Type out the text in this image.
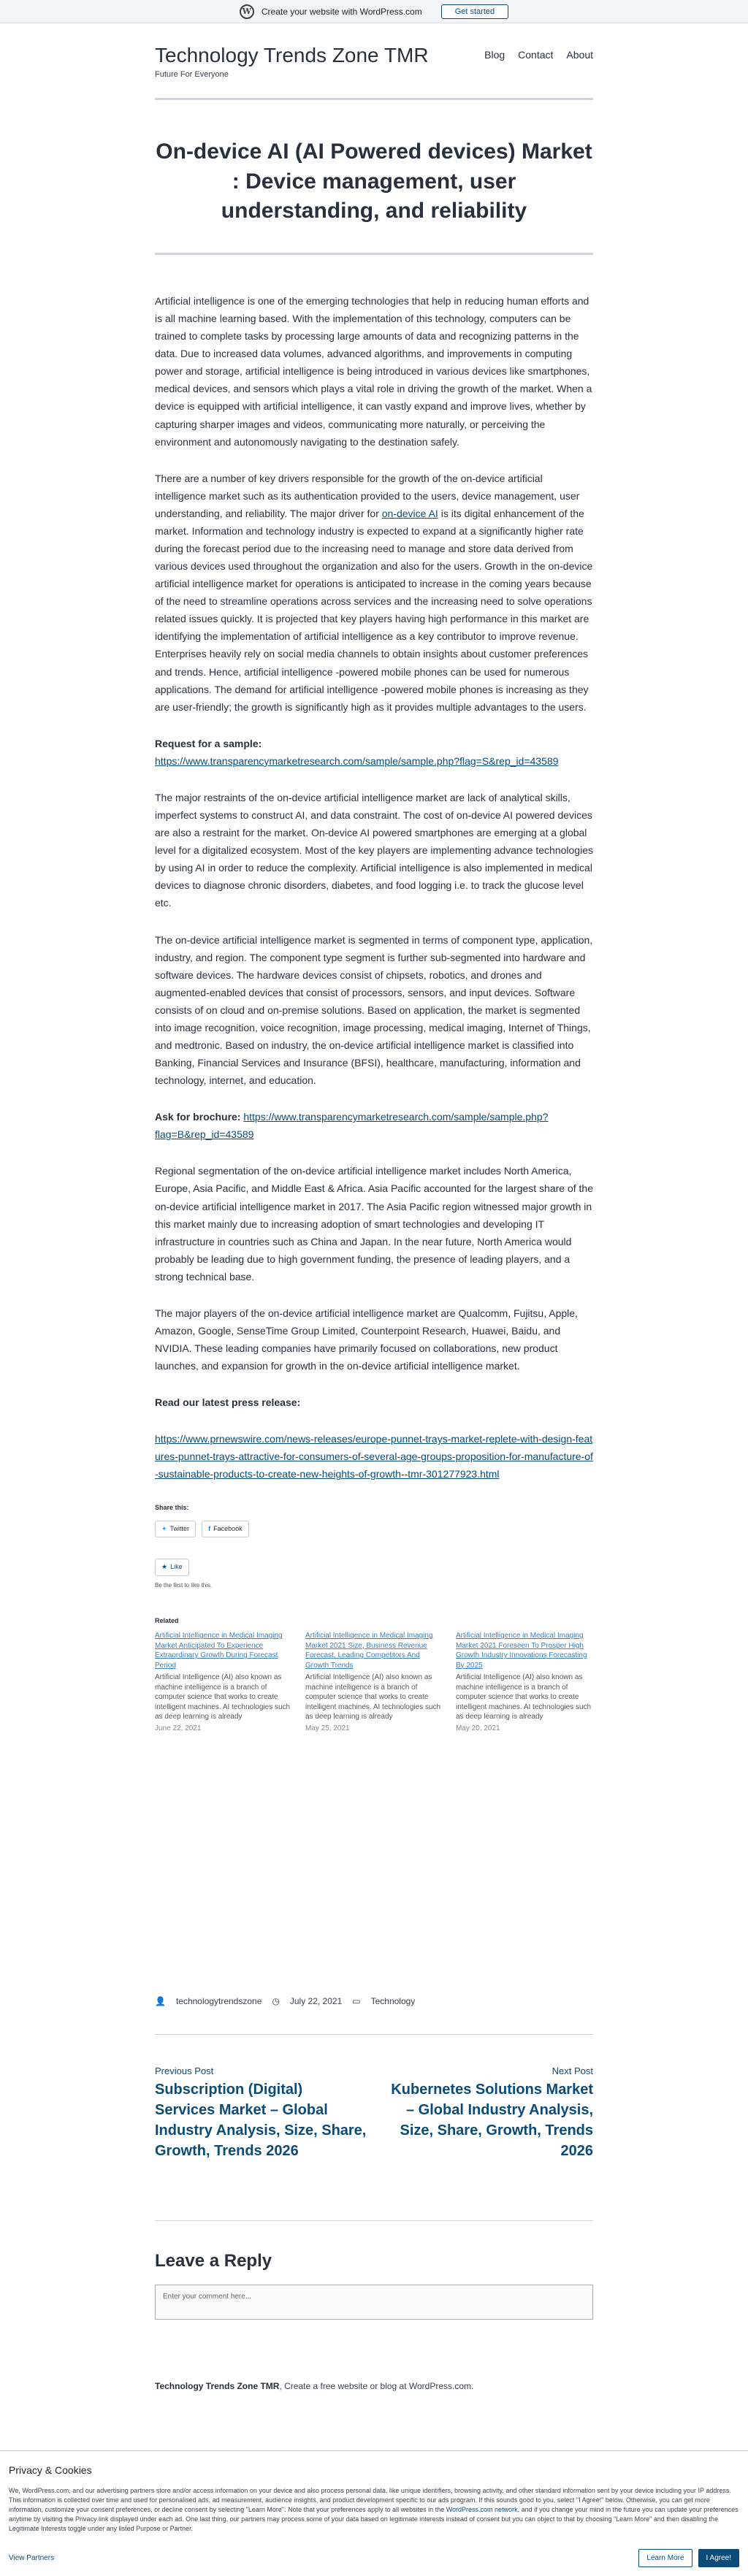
W	Create your website with WordPress.com	Get started
Technology Trends Zone TMR
Future For Everyone
Blog Contact About
On-device AI (AI Powered devices) Market : Device management, user understanding, and reliability

Artificial intelligence is one of the emerging technologies that help in reducing human efforts and is all machine learning based. With the implementation of this technology, computers can be trained to complete tasks by processing large amounts of data and recognizing patterns in the data. Due to increased data volumes, advanced algorithms, and improvements in computing power and storage, artificial intelligence is being introduced in various devices like smartphones, medical devices, and sensors which plays a vital role in driving the growth of the market. When a device is equipped with artificial intelligence, it can vastly expand and improve lives, whether by capturing sharper images and videos, communicating more naturally, or perceiving the environment and autonomously navigating to the destination safely.

There are a number of key drivers responsible for the growth of the on-device artificial intelligence market such as its authentication provided to the users, device management, user understanding, and reliability. The major driver for on-device AI is its digital enhancement of the market. Information and technology industry is expected to expand at a significantly higher rate during the forecast period due to the increasing need to manage and store data derived from various devices used throughout the organization and also for the users. Growth in the on-device artificial intelligence market for operations is anticipated to increase in the coming years because of the need to streamline operations across services and the increasing need to solve operations related issues quickly. It is projected that key players having high performance in this market are identifying the implementation of artificial intelligence as a key contributor to improve revenue. Enterprises heavily rely on social media channels to obtain insights about customer preferences and trends. Hence, artificial intelligence -powered mobile phones can be used for numerous applications. The demand for artificial intelligence -powered mobile phones is increasing as they are user-friendly; the growth is significantly high as it provides multiple advantages to the users.

Request for a sample:
https://www.transparencymarketresearch.com/sample/sample.php?flag=S&rep_id=43589

The major restraints of the on-device artificial intelligence market are lack of analytical skills, imperfect systems to construct AI, and data constraint. The cost of on-device AI powered devices are also a restraint for the market. On-device AI powered smartphones are emerging at a global level for a digitalized ecosystem. Most of the key players are implementing advance technologies by using AI in order to reduce the complexity. Artificial intelligence is also implemented in medical devices to diagnose chronic disorders, diabetes, and food logging i.e. to track the glucose level etc.

The on-device artificial intelligence market is segmented in terms of component type, application, industry, and region. The component type segment is further sub-segmented into hardware and software devices. The hardware devices consist of chipsets, robotics, and drones and augmented-enabled devices that consist of processors, sensors, and input devices. Software consists of on cloud and on-premise solutions. Based on application, the market is segmented into image recognition, voice recognition, image processing, medical imaging, Internet of Things, and medtronic. Based on industry, the on-device artificial intelligence market is classified into Banking, Financial Services and Insurance (BFSI), healthcare, manufacturing, information and technology, internet, and education.

Ask for brochure: https://www.transparencymarketresearch.com/sample/sample.php?flag=B&rep_id=43589

Regional segmentation of the on-device artificial intelligence market includes North America, Europe, Asia Pacific, and Middle East & Africa. Asia Pacific accounted for the largest share of the on-device artificial intelligence market in 2017. The Asia Pacific region witnessed major growth in this market mainly due to increasing adoption of smart technologies and developing IT infrastructure in countries such as China and Japan. In the near future, North America would probably be leading due to high government funding, the presence of leading players, and a strong technical base.

The major players of the on-device artificial intelligence market are Qualcomm, Fujitsu, Apple, Amazon, Google, SenseTime Group Limited, Counterpoint Research, Huawei, Baidu, and NVIDIA. These leading companies have primarily focused on collaborations, new product launches, and expansion for growth in the on-device artificial intelligence market.

Read our latest press release:

https://www.prnewswire.com/news-releases/europe-punnet-trays-market-replete-with-design-features-punnet-trays-attractive-for-consumers-of-several-age-groups-proposition-for-manufacture-of-sustainable-products-to-create-new-heights-of-growth--tmr-301277923.html

Share this:
✦ Twitter	f Facebook
★ Like
Be the first to like this.
Related
Artificial Intelligence in Medical Imaging Market Anticipated To Experience Extraordinary Growth During Forecast Period
Artificial Intelligence (AI) also known as machine intelligence is a branch of computer science that works to create intelligent machines. AI technologies such as deep learning is already
June 22, 2021
Artificial Intelligence in Medical Imaging Market 2021 Size, Business Revenue Forecast, Leading Competitors And Growth Trends
Artificial Intelligence (AI) also known as machine intelligence is a branch of computer science that works to create intelligent machines. AI technologies such as deep learning is already
May 25, 2021
Artificial Intelligence in Medical Imaging Market 2021 Foreseen To Prosper High Growth Industry Innovations Forecasting By 2025
Artificial Intelligence (AI) also known as machine intelligence is a branch of computer science that works to create intelligent machines. AI technologies such as deep learning is already
May 20, 2021
👤 technologytrendszone ◷ July 22, 2021 ▭ Technology
Previous Post
Subscription (Digital) Services Market – Global Industry Analysis, Size, Share, Growth, Trends 2026
Next Post
Kubernetes Solutions Market – Global Industry Analysis, Size, Share, Growth, Trends 2026
Leave a Reply
Enter your comment here...
Technology Trends Zone TMR, Create a free website or blog at WordPress.com.
Privacy & Cookies
We, WordPress.com, and our advertising partners store and/or access information on your device and also process personal data, like unique identifiers, browsing activity, and other standard information sent by your device including your IP address. This information is collected over time and used for personalised ads, ad measurement, audience insights, and product development specific to our ads program. If this sounds good to you, select "I Agree!" below. Otherwise, you can get more information, customize your consent preferences, or decline consent by selecting "Learn More". Note that your preferences apply to all websites in the WordPress.com network, and if you change your mind in the future you can update your preferences anytime by visiting the Privacy link displayed under each ad. One last thing, our partners may process some of your data based on legitimate interests instead of consent but you can object to that by choosing "Learn More" and then disabling the Legitimate Interests toggle under any listed Purpose or Partner.
View Partners	Learn More	I Agree!
